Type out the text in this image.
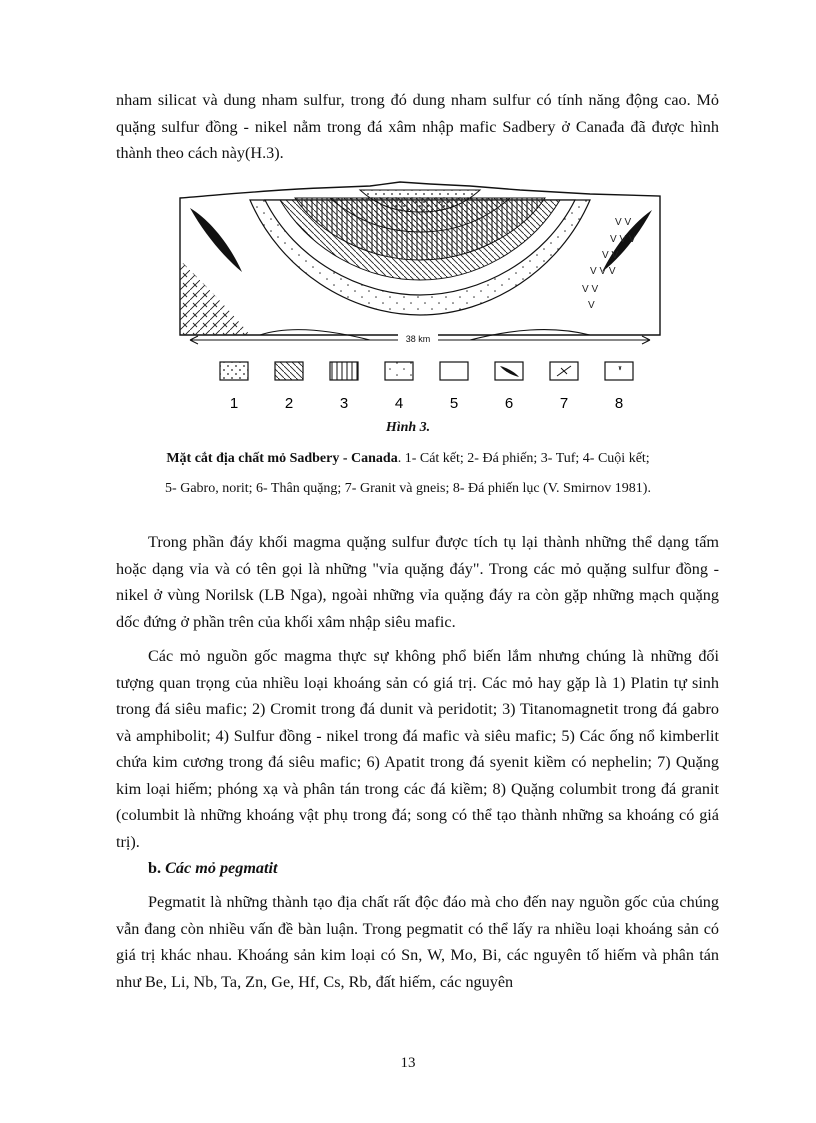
nham silicat và dung nham sulfur, trong đó dung nham sulfur có tính năng động cao. Mỏ quặng sulfur đồng - nikel nằm trong đá xâm nhập mafic Sadbery ở Canađa đã được hình thành theo cách này(H.3).

V V
V V V
V V
V V V
V V
V
38 km
1	2	3	4	5	6	7	8
Hình 3.
Mặt cắt địa chất mỏ Sadbery - Canada. 1- Cát kết; 2- Đá phiến; 3- Tuf; 4- Cuội kết;
5- Gabro, norit; 6- Thân quặng; 7- Granit và gneis; 8- Đá phiến lục (V. Smirnov 1981).

Trong phần đáy khối magma quặng sulfur được tích tụ lại thành những thể dạng tấm hoặc dạng vỉa và có tên gọi là những "vỉa quặng đáy". Trong các mỏ quặng sulfur đồng - nikel ở vùng Norilsk (LB Nga), ngoài những vỉa quặng đáy ra còn gặp những mạch quặng dốc đứng ở phần trên của khối xâm nhập siêu mafic.

Các mỏ nguồn gốc magma thực sự không phổ biến lắm nhưng chúng là những đối tượng quan trọng của nhiều loại khoáng sản có giá trị. Các mỏ hay gặp là 1) Platin tự sinh trong đá siêu mafic; 2) Cromit trong đá dunit và peridotit; 3) Titanomagnetit trong đá gabro và amphibolit; 4) Sulfur đồng - nikel trong đá mafic và siêu mafic; 5) Các ống nổ kimberlit chứa kim cương trong đá siêu mafic; 6) Apatit trong đá syenit kiềm có nephelin; 7) Quặng kim loại hiếm; phóng xạ và phân tán trong các đá kiềm; 8) Quặng columbit trong đá granit (columbit là những khoáng vật phụ trong đá; song có thể tạo thành những sa khoáng có giá trị).

b. Các mỏ pegmatit

Pegmatit là những thành tạo địa chất rất độc đáo mà cho đến nay nguồn gốc của chúng vẫn đang còn nhiều vấn đề bàn luận. Trong pegmatit có thể lấy ra nhiều loại khoáng sản có giá trị khác nhau. Khoáng sản kim loại có Sn, W, Mo, Bi, các nguyên tố hiếm và phân tán như Be, Li, Nb, Ta, Zn, Ge, Hf, Cs, Rb, đất hiếm, các nguyên

13
